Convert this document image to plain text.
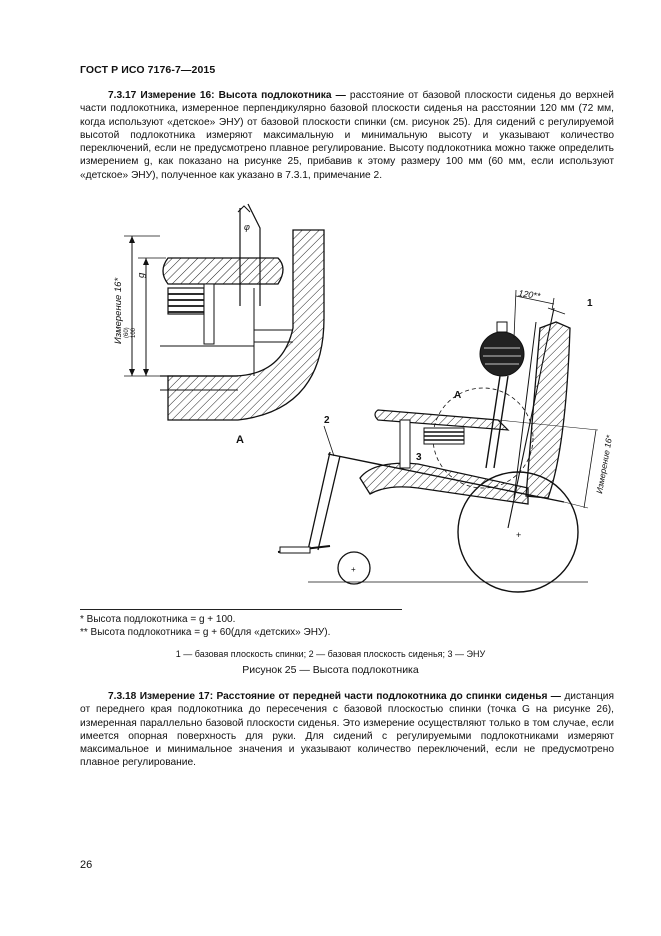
ГОСТ Р ИСО 7176-7—2015
7.3.17 Измерение 16: Высота подлокотника — расстояние от базовой плоскости сиденья до верхней части подлокотника, измеренное перпендикулярно базовой плоскости сиденья на расстоянии 120 мм (72 мм, когда используют «детское» ЭНУ) от базовой плоскости спинки (см. рисунок 25). Для сидений с регулируемой высотой подлокотника измеряют максимальную и минимальную высоту и указывают количество переключений, если не предусмотрено плавное регулирование. Высоту подлокотника можно также определить измерением g, как показано на рисунке 25, прибавив к этому размеру 100 мм (60 мм, если используют «детское» ЭНУ), полученное как указано в 7.3.1, примечание 2.
Измерение 16*
g
(60) 100
φ
A
+
+
120**
1
2
3
A
Измерение 16*
* Высота подлокотника = g + 100.
** Высота подлокотника = g + 60(для «детских» ЭНУ).
1 — базовая плоскость спинки; 2 — базовая плоскость сиденья; 3 — ЭНУ
Рисунок 25 — Высота подлокотника
7.3.18 Измерение 17: Расстояние от передней части подлокотника до спинки сиденья — дистанция от переднего края подлокотника до пересечения с базовой плоскостью спинки (точка G на рисунке 26), измеренная параллельно базовой плоскости сиденья. Это измерение осуществляют только в том случае, если имеется опорная поверхность для руки. Для сидений с регулируемыми подлокотниками измеряют максимальное и минимальное значения и указывают количество переключений, если не предусмотрено плавное регулирование.
26
